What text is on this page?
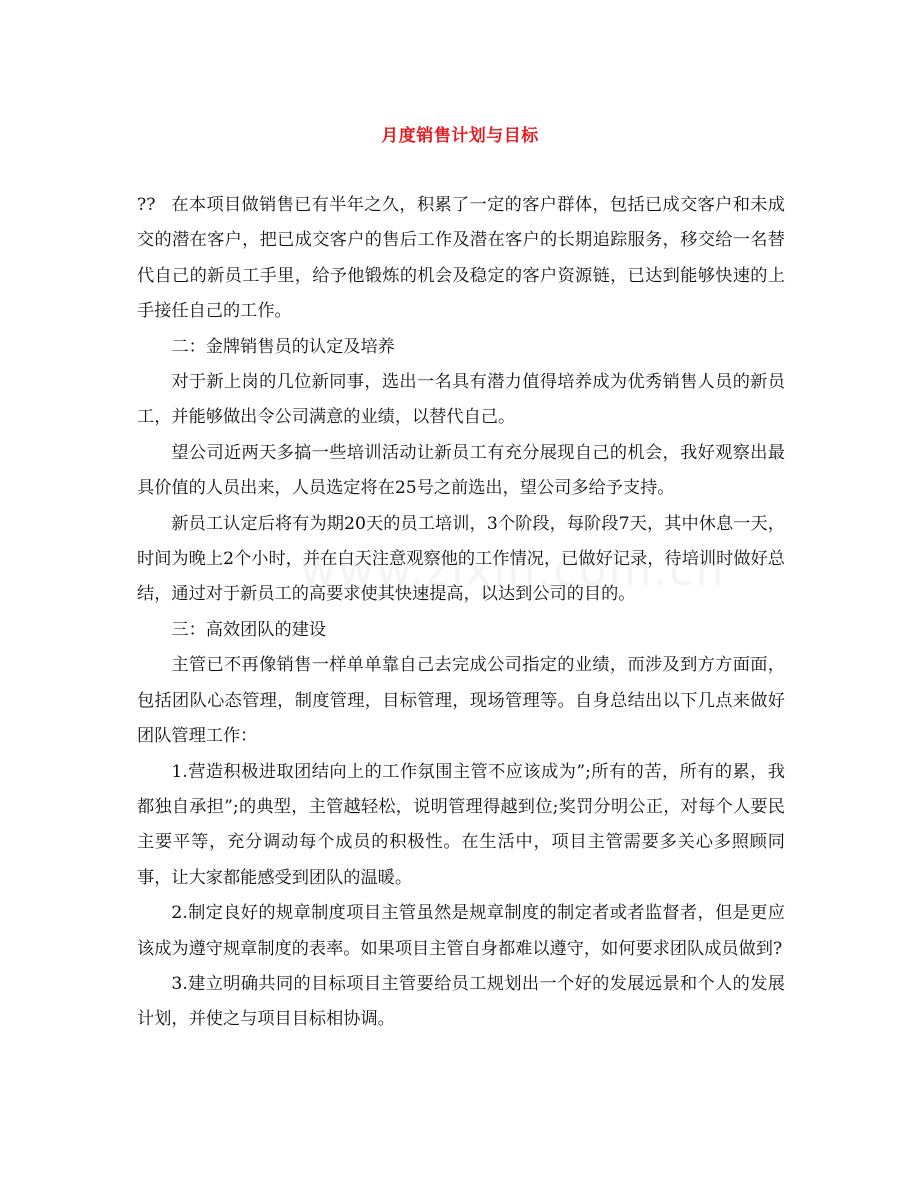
月度销售计划与目标

?? 在本项目做销售已有半年之久，积累了一定的客户群体，包括已成交客户和未成交的潜在客户，把已成交客户的售后工作及潜在客户的长期追踪服务，移交给一名替代自己的新员工手里，给予他锻炼的机会及稳定的客户资源链，已达到能够快速的上手接任自己的工作。

二：金牌销售员的认定及培养

对于新上岗的几位新同事，选出一名具有潜力值得培养成为优秀销售人员的新员工，并能够做出令公司满意的业绩，以替代自己。

望公司近两天多搞一些培训活动让新员工有充分展现自己的机会，我好观察出最具价值的人员出来，人员选定将在25号之前选出，望公司多给予支持。

新员工认定后将有为期20天的员工培训，3个阶段，每阶段7天，其中休息一天，时间为晚上2个小时，并在白天注意观察他的工作情况，已做好记录，待培训时做好总结，通过对于新员工的高要求使其快速提高，以达到公司的目的。

三：高效团队的建设

主管已不再像销售一样单单靠自己去完成公司指定的业绩，而涉及到方方面面，包括团队心态管理，制度管理，目标管理，现场管理等。自身总结出以下几点来做好团队管理工作：

1.营造积极进取团结向上的工作氛围主管不应该成为”;所有的苦，所有的累，我都独自承担”;的典型，主管越轻松，说明管理得越到位;奖罚分明公正，对每个人要民主要平等，充分调动每个成员的积极性。在生活中，项目主管需要多关心多照顾同事，让大家都能感受到团队的温暖。

2.制定良好的规章制度项目主管虽然是规章制度的制定者或者监督者，但是更应该成为遵守规章制度的表率。如果项目主管自身都难以遵守，如何要求团队成员做到?

3.建立明确共同的目标项目主管要给员工规划出一个好的发展远景和个人的发展计划，并使之与项目目标相协调。
